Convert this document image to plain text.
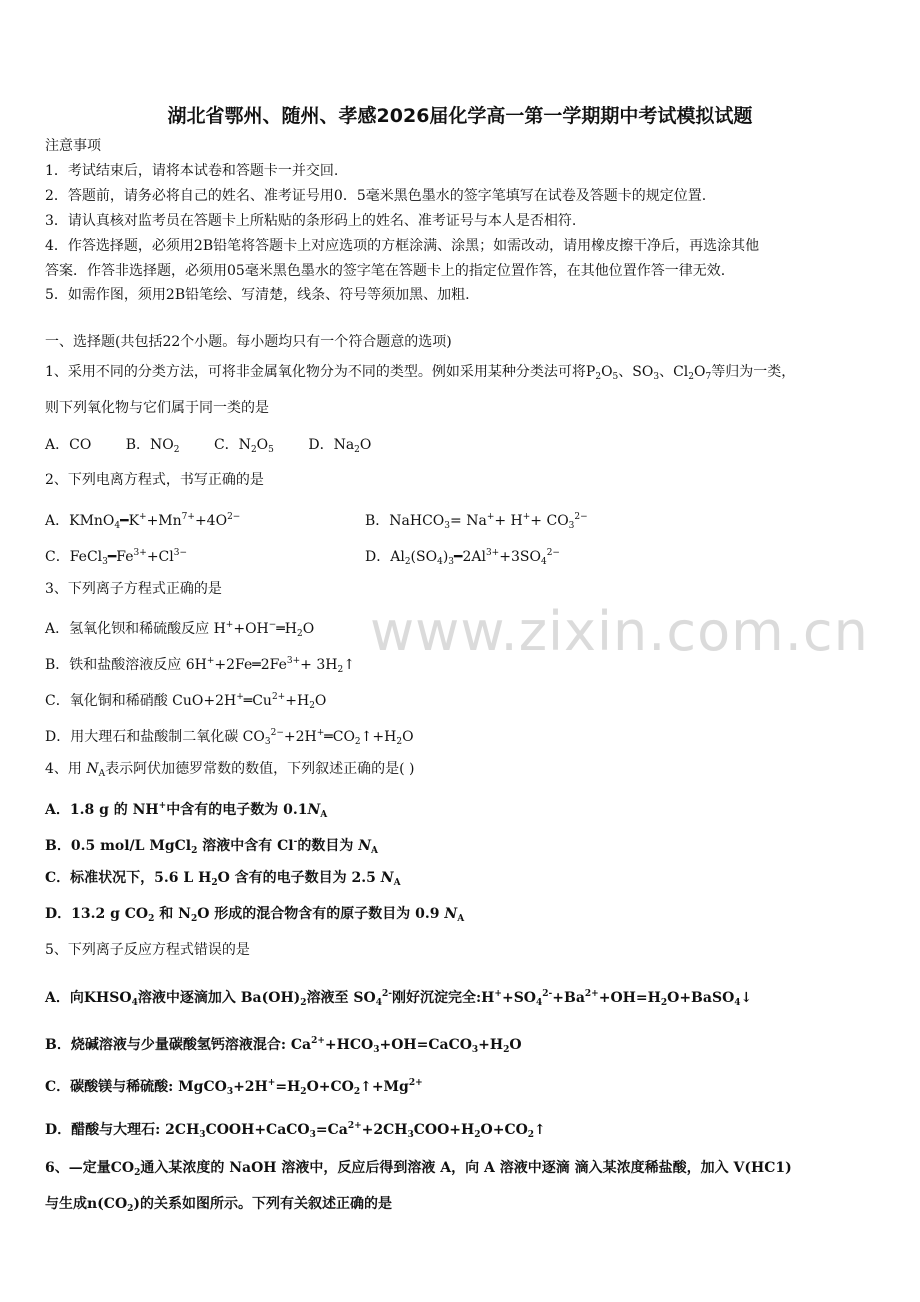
湖北省鄂州、随州、孝感2026届化学高一第一学期期中考试模拟试题
注意事项
1．考试结束后，请将本试卷和答题卡一并交回.
2．答题前，请务必将自己的姓名、准考证号用0．5毫米黑色墨水的签字笔填写在试卷及答题卡的规定位置.
3．请认真核对监考员在答题卡上所粘贴的条形码上的姓名、准考证号与本人是否相符.
4．作答选择题，必须用2B铅笔将答题卡上对应选项的方框涂满、涂黑；如需改动，请用橡皮擦干净后，再选涂其他
答案．作答非选择题，必须用05毫米黑色墨水的签字笔在答题卡上的指定位置作答，在其他位置作答一律无效.
5．如需作图，须用2B铅笔绘、写清楚，线条、符号等须加黑、加粗.
一、选择题(共包括22个小题。每小题均只有一个符合题意的选项)
1、采用不同的分类方法，可将非金属氧化物分为不同的类型。例如采用某种分类法可将$P_2O_5$、$SO_3$、$Cl_2O_7$等归为一类，
则下列氧化物与它们属于同一类的是
A．CO B．$NO_2$ C．$N_2O_5$ D．$Na_2O$
2、下列电离方程式，书写正确的是
A．$KMnO_4━K^++Mn^{7+}+4O^{2-}$	B．NaHCO$_3$= $Na^++ H^++ CO_3^{2-}$
C．$FeCl_3━Fe^{3+}+Cl^{3-}$	D．$Al_2(SO_4)_3━2Al^{3+}+3SO_4^{2-}$
3、下列离子方程式正确的是
A．氢氧化钡和稀硫酸反应 $H^++OH^-═H_2O$
B．铁和盐酸溶液反应 $6H^++2Fe═2Fe^{3+}+$ $3H_2↑$
C．氧化铜和稀硝酸 $CuO+2H^+═Cu^{2+}+H_2O$
D．用大理石和盐酸制二氧化碳 $CO_3^{2-}+2H^+═CO_2↑+H_2O$
4、用 $N_A$表示阿伏加德罗常数的数值，下列叙述正确的是( )
A．1.8 g 的 NH+中含有的电子数为 $0.1N_A$
B．0.5 mol/L MgCl$_2$ 溶液中含有 Cl-的数目为 $N_A$
C．标准状况下，5.6 L $H_2O$ 含有的电子数目为 2.5 $N_A$
D．13.2 g $CO_2$ 和 $N_2O$ 形成的混合物含有的原子数目为 0.9 $N_A$
5、下列离子反应方程式错误的是
A．向$KHSO_4$溶液中逐滴加入 $Ba(OH)_2$溶液至 $SO_4^{2-}$刚好沉淀完全$:H^++SO_4^{2-}+Ba^{2+}+OH=H_2O+BaSO_4↓$
B．烧碱溶液与少量碳酸氢钙溶液混合: $Ca^{2+}+HCO_3+OH=CaCO_3+H_2O$
C．碳酸镁与稀硫酸: $MgCO_3+2H^+=H_2O+CO_2↑+Mg^{2+}$
D．醋酸与大理石: $2CH_3COOH+CaCO_3=Ca^{2+}+2CH_3COO+H_2O+CO_2↑$
6、—定量$CO_2$通入某浓度的 NaOH 溶液中，反应后得到溶液 A，向 A 溶液中逐滴 滴入某浓度稀盐酸，加入 V(HC1)
与生成$n(CO_2)$的关系如图所示。下列有关叙述正确的是
www.zixin.com.cn
